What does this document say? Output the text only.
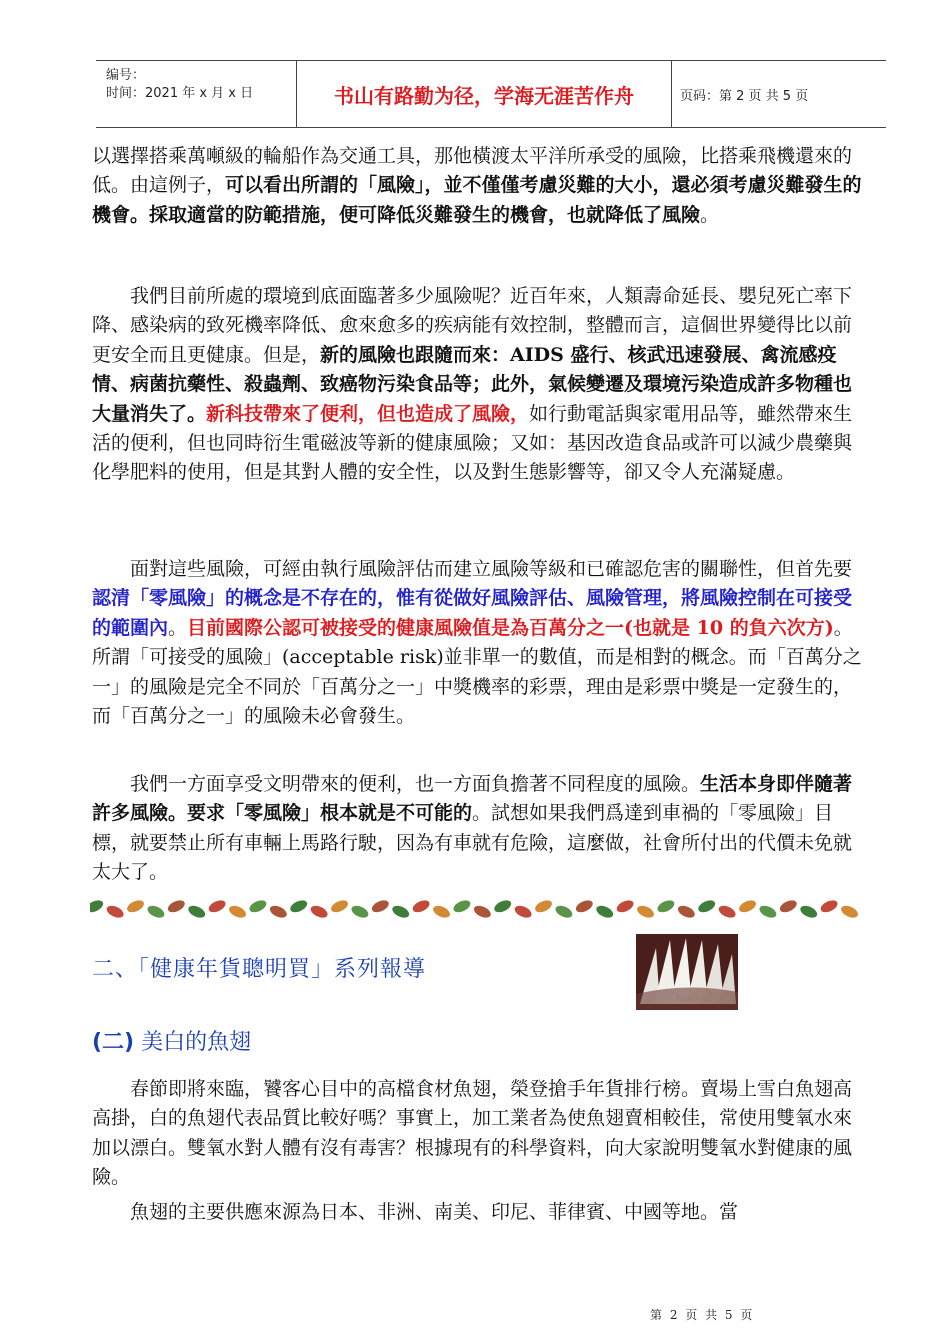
编号：
时间：2021 年 x 月 x 日	书山有路勤为径，学海无涯苦作舟	页码：第 2 页 共 5 页
以選擇搭乘萬噸級的輪船作為交通工具，那他橫渡太平洋所承受的風險，比搭乘飛機還來的低。由這例子，可以看出所謂的「風險」，並不僅僅考慮災難的大小，還必須考慮災難發生的機會。採取適當的防範措施，便可降低災難發生的機會，也就降低了風險。
我們目前所處的環境到底面臨著多少風險呢？近百年來，人類壽命延長、嬰兒死亡率下降、感染病的致死機率降低、愈來愈多的疾病能有效控制，整體而言，這個世界變得比以前更安全而且更健康。但是，新的風險也跟隨而來：AIDS 盛行、核武迅速發展、禽流感疫情、病菌抗藥性、殺蟲劑、致癌物污染食品等；此外，氣候變遷及環境污染造成許多物種也大量消失了。新科技帶來了便利，但也造成了風險，如行動電話與家電用品等，雖然帶來生活的便利，但也同時衍生電磁波等新的健康風險；又如：基因改造食品或許可以減少農藥與化學肥料的使用，但是其對人體的安全性，以及對生態影響等，卻又令人充滿疑慮。
面對這些風險，可經由執行風險評估而建立風險等級和已確認危害的關聯性，但首先要認清「零風險」的概念是不存在的，惟有從做好風險評估、風險管理，將風險控制在可接受的範圍內。目前國際公認可被接受的健康風險值是為百萬分之一(也就是 10 的負六次方)。所謂「可接受的風險」(acceptable risk)並非單一的數值，而是相對的概念。而「百萬分之一」的風險是完全不同於「百萬分之一」中獎機率的彩票，理由是彩票中獎是一定發生的，而「百萬分之一」的風險未必會發生。
我們一方面享受文明帶來的便利，也一方面負擔著不同程度的風險。生活本身即伴隨著許多風險。要求「零風險」根本就是不可能的。試想如果我們爲達到車禍的「零風險」目標，就要禁止所有車輛上馬路行駛，因為有車就有危險，這麼做，社會所付出的代價未免就太大了。
二、「健康年貨聰明買」系列報導
foshao.1
(二) 美白的魚翅
春節即將來臨，饕客心目中的高檔食材魚翅，榮登搶手年貨排行榜。賣場上雪白魚翅高高掛，白的魚翅代表品質比較好嗎？事實上，加工業者為使魚翅賣相較佳，常使用雙氧水來加以漂白。雙氧水對人體有沒有毒害？根據現有的科學資料，向大家說明雙氧水對健康的風險。
魚翅的主要供應來源為日本、非洲、南美、印尼、菲律賓、中國等地。當
第 2 页 共 5 页
